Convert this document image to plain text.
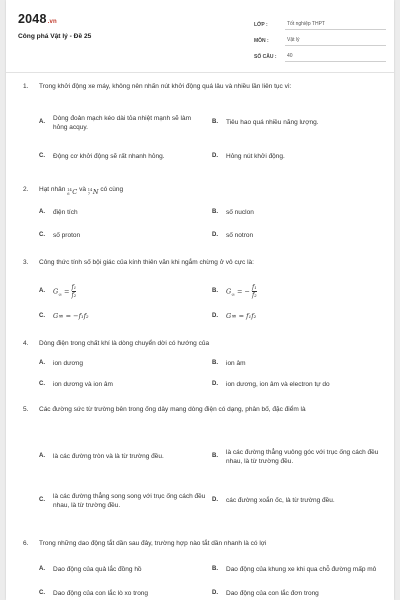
2048.vn
Công phá Vật lý - Đề 25
LỚP :	Tốt nghiệp THPT
MÔN :	Vật lý
SỐ CÂU :	40
1. Trong khởi động xe máy, không nên nhấn nút khởi động quá lâu và nhiều lần liên tục vì:
A.
Dòng đoản mạch kéo dài tỏa nhiệt mạnh sẽ làm hỏng acquy.
B.	Tiêu hao quá nhiều năng lượng.
C.	Động cơ khởi động sẽ rất nhanh hỏng.	D.	Hỏng nút khởi động.
2. Hạt nhân 14
6 C và 14
7 N có cùng
A.	điện tích	B.	số nuclon
C.	số proton	D.	số notron
3. Công thức tính số bội giác của kính thiên văn khi ngắm chừng ở vô cực là:
A.	$G_\infty = \frac{\text{f₁}}{\text{f₂}}$	B.	$G_\infty$ = − $\frac{\text{f₁}}{\text{f₂}}$
C.	G∞ = −f₁f₂	D.	G∞ = f₁f₂
4. Dòng điện trong chất khí là dòng chuyển dời có hướng của
A.	ion dương	B.	ion âm
C.	ion dương và ion âm	D.	ion dương, ion âm và electron tự do
5. Các đường sức từ trường bên trong ống dây mang dòng điện có dạng, phân bố, đặc điểm là
A.	là các đường tròn và là từ trường đều.	B.
là các đường thẳng vuông góc với trục ống cách đều nhau, là từ trường đều.
C.
là các đường thẳng song song với trục ống cách đều nhau, là từ trường đều.
D.	các đường xoắn ốc, là từ trường đều.
6. Trong những dao động tắt dần sau đây, trường hợp nào tắt dần nhanh là có lợi
A.	Dao động của quả lắc đồng hồ	B.	Dao động của khung xe khi qua chỗ đường mấp mô
C.	Dao động của con lắc lò xo trong	D.	Dao động của con lắc đơn trong
